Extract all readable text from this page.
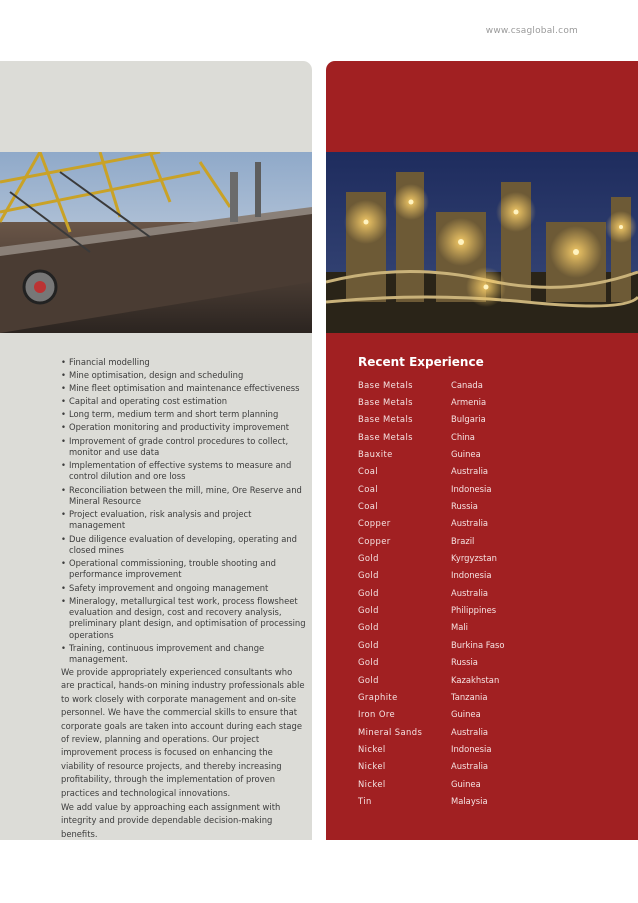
www.csaglobal.com
• Financial modelling
• Mine optimisation, design and scheduling
• Mine fleet optimisation and maintenance effectiveness
• Capital and operating cost estimation
• Long term, medium term and short term planning
• Operation monitoring and productivity improvement
• Improvement of grade control procedures to collect, monitor and use data
• Implementation of effective systems to measure and control dilution and ore loss
• Reconciliation between the mill, mine, Ore Reserve and Mineral Resource
• Project evaluation, risk analysis and project management
• Due diligence evaluation of developing, operating and closed mines
• Operational commissioning, trouble shooting and performance improvement
• Safety improvement and ongoing management
• Mineralogy, metallurgical test work, process flowsheet evaluation and design, cost and recovery analysis, preliminary plant design, and optimisation of processing operations
• Training, continuous improvement and change management.

We provide appropriately experienced consultants who are practical, hands-on mining industry professionals able to work closely with corporate management and on-site personnel. We have the commercial skills to ensure that corporate goals are taken into account during each stage of review, planning and operations. Our project improvement process is focused on enhancing the viability of resource projects, and thereby increasing profitability, through the implementation of proven practices and technological innovations.

We add value by approaching each assignment with integrity and provide dependable decision-making benefits.

Recent Experience
Base Metals	Canada
Base Metals	Armenia
Base Metals	Bulgaria
Base Metals	China
Bauxite	Guinea
Coal	Australia
Coal	Indonesia
Coal	Russia
Copper	Australia
Copper	Brazil
Gold	Kyrgyzstan
Gold	Indonesia
Gold	Australia
Gold	Philippines
Gold	Mali
Gold	Burkina Faso
Gold	Russia
Gold	Kazakhstan
Graphite	Tanzania
Iron Ore	Guinea
Mineral Sands	Australia
Nickel	Indonesia
Nickel	Australia
Nickel	Guinea
Tin	Malaysia
